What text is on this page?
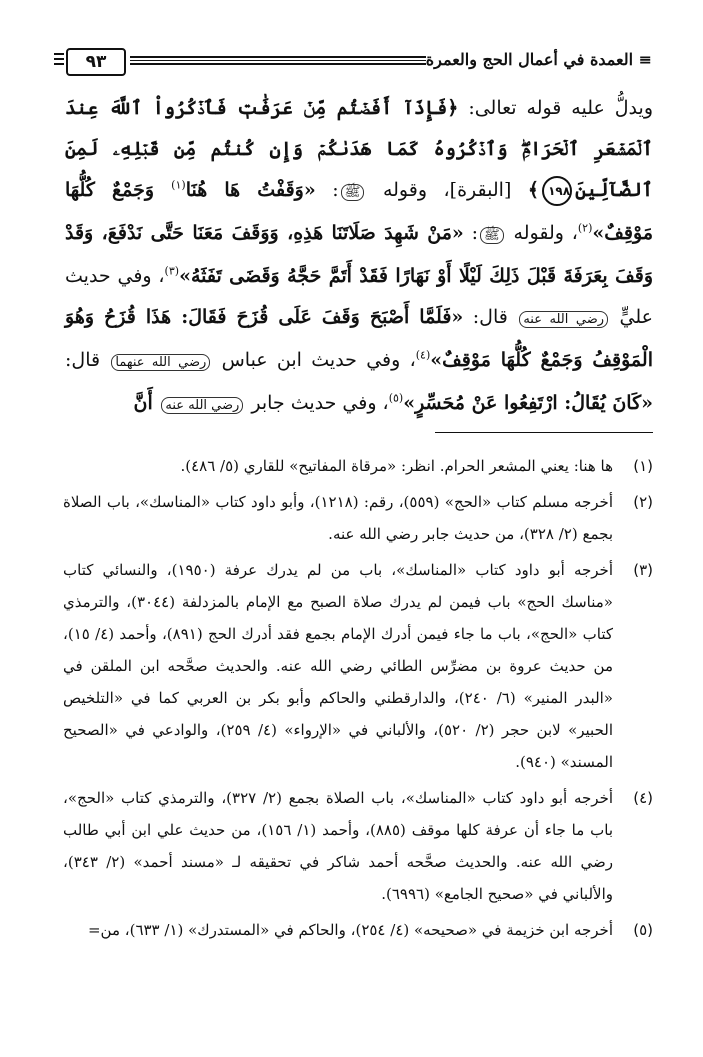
≡ العمدة في أعمال الحج والعمرة
٩٣

ويدلُّ عليه قوله تعالى: ﴿فَإِذَآ أَفَضۡتُم مِّنۡ عَرَفَٰتٖ فَٱذۡكُرُواْ ٱللَّهَ عِندَ ٱلۡمَشۡعَرِ ٱلۡحَرَامِۖ وَٱذۡكُرُوهُ كَمَا هَدَىٰكُمۡ وَإِن كُنتُم مِّن قَبۡلِهِۦ لَمِنَ ٱلضَّآلِّينَ١٩٨﴾ [البقرة]، وقوله ﷺ: «وَقَفْتُ هَا هُنَا$^{(١)}$ وَجَمْعٌ كُلُّهَا مَوْقِفٌ»$^{(٢)}$، ولقوله ﷺ: «مَنْ شَهِدَ صَلَاتَنَا هَذِهِ، وَوَقَفَ مَعَنَا حَتَّى نَدْفَعَ، وَقَدْ وَقَفَ بِعَرَفَةَ قَبْلَ ذَلِكَ لَيْلًا أَوْ نَهَارًا فَقَدْ أَتَمَّ حَجَّهُ وَقَضَى تَفَثَهُ»$^{(٣)}$، وفي حديث عليٍّ رضي الله عنه قال: «فَلَمَّا أَصْبَحَ وَقَفَ عَلَى قُزَحَ فَقَالَ: هَذَا قُزَحُ وَهُوَ الْمَوْقِفُ وَجَمْعٌ كُلُّهَا مَوْقِفٌ»$^{(٤)}$، وفي حديث ابن عباس رضي الله عنهما قال: «كَانَ يُقَالُ: ارْتَفِعُوا عَنْ مُحَسِّرٍ»$^{(٥)}$، وفي حديث جابر رضي الله عنه أَنَّ

(١)
ها هنا: يعني المشعر الحرام. انظر: «مرقاة المفاتيح» للقاري (٥/ ٤٨٦).
(٢)
أخرجه مسلم كتاب «الحج» (٥٥٩)، رقم: (١٢١٨)، وأبو داود كتاب «المناسك»، باب الصلاة بجمع (٢/ ٣٢٨)، من حديث جابر رضي الله عنه.
(٣)
أخرجه أبو داود كتاب «المناسك»، باب من لم يدرك عرفة (١٩٥٠)، والنسائي كتاب «مناسك الحج» باب فيمن لم يدرك صلاة الصبح مع الإمام بالمزدلفة (٣٠٤٤)، والترمذي كتاب «الحج»، باب ما جاء فيمن أدرك الإمام بجمع فقد أدرك الحج (٨٩١)، وأحمد (٤/ ١٥)، من حديث عروة بن مضرِّس الطائي رضي الله عنه. والحديث صحَّحه ابن الملقن في «البدر المنير» (٦/ ٢٤٠)، والدارقطني والحاكم وأبو بكر بن العربي كما في «التلخيص الحبير» لابن حجر (٢/ ٥٢٠)، والألباني في «الإرواء» (٤/ ٢٥٩)، والوادعي في «الصحيح المسند» (٩٤٠).
(٤)
أخرجه أبو داود كتاب «المناسك»، باب الصلاة بجمع (٢/ ٣٢٧)، والترمذي كتاب «الحج»، باب ما جاء أن عرفة كلها موقف (٨٨٥)، وأحمد (١/ ١٥٦)، من حديث علي ابن أبي طالب رضي الله عنه. والحديث صحَّحه أحمد شاكر في تحقيقه لـ «مسند أحمد» (٢/ ٣٤٣)، والألباني في «صحيح الجامع» (٦٩٩٦).
(٥)
أخرجه ابن خزيمة في «صحيحه» (٤/ ٢٥٤)، والحاكم في «المستدرك» (١/ ٦٣٣)، من=
